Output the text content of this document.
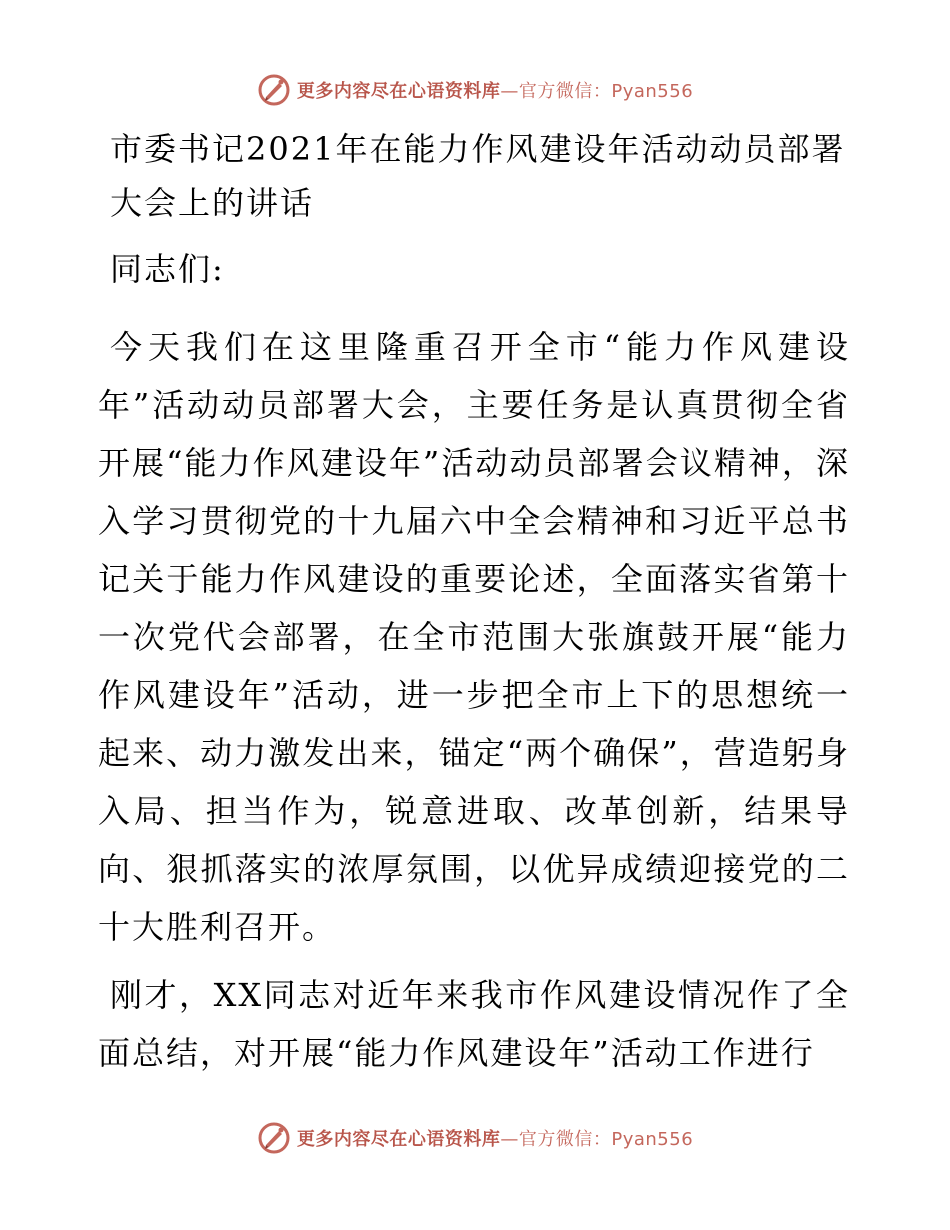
更多内容尽在心语资料库—官方微信：Pyan556
市委书记2021年在能力作风建设年活动动员部署大会上的讲话

同志们:

今天我们在这里隆重召开全市“能力作风建设年”活动动员部署大会，主要任务是认真贯彻全省开展“能力作风建设年”活动动员部署会议精神，深入学习贯彻党的十九届六中全会精神和习近平总书记关于能力作风建设的重要论述，全面落实省第十一次党代会部署，在全市范围大张旗鼓开展“能力作风建设年”活动，进一步把全市上下的思想统一起来、动力激发出来，锚定“两个确保”，营造躬身入局、担当作为，锐意进取、改革创新，结果导向、狠抓落实的浓厚氛围，以优异成绩迎接党的二十大胜利召开。

刚才，XX同志对近年来我市作风建设情况作了全面总结，对开展“能力作风建设年”活动工作进行

更多内容尽在心语资料库—官方微信：Pyan556
